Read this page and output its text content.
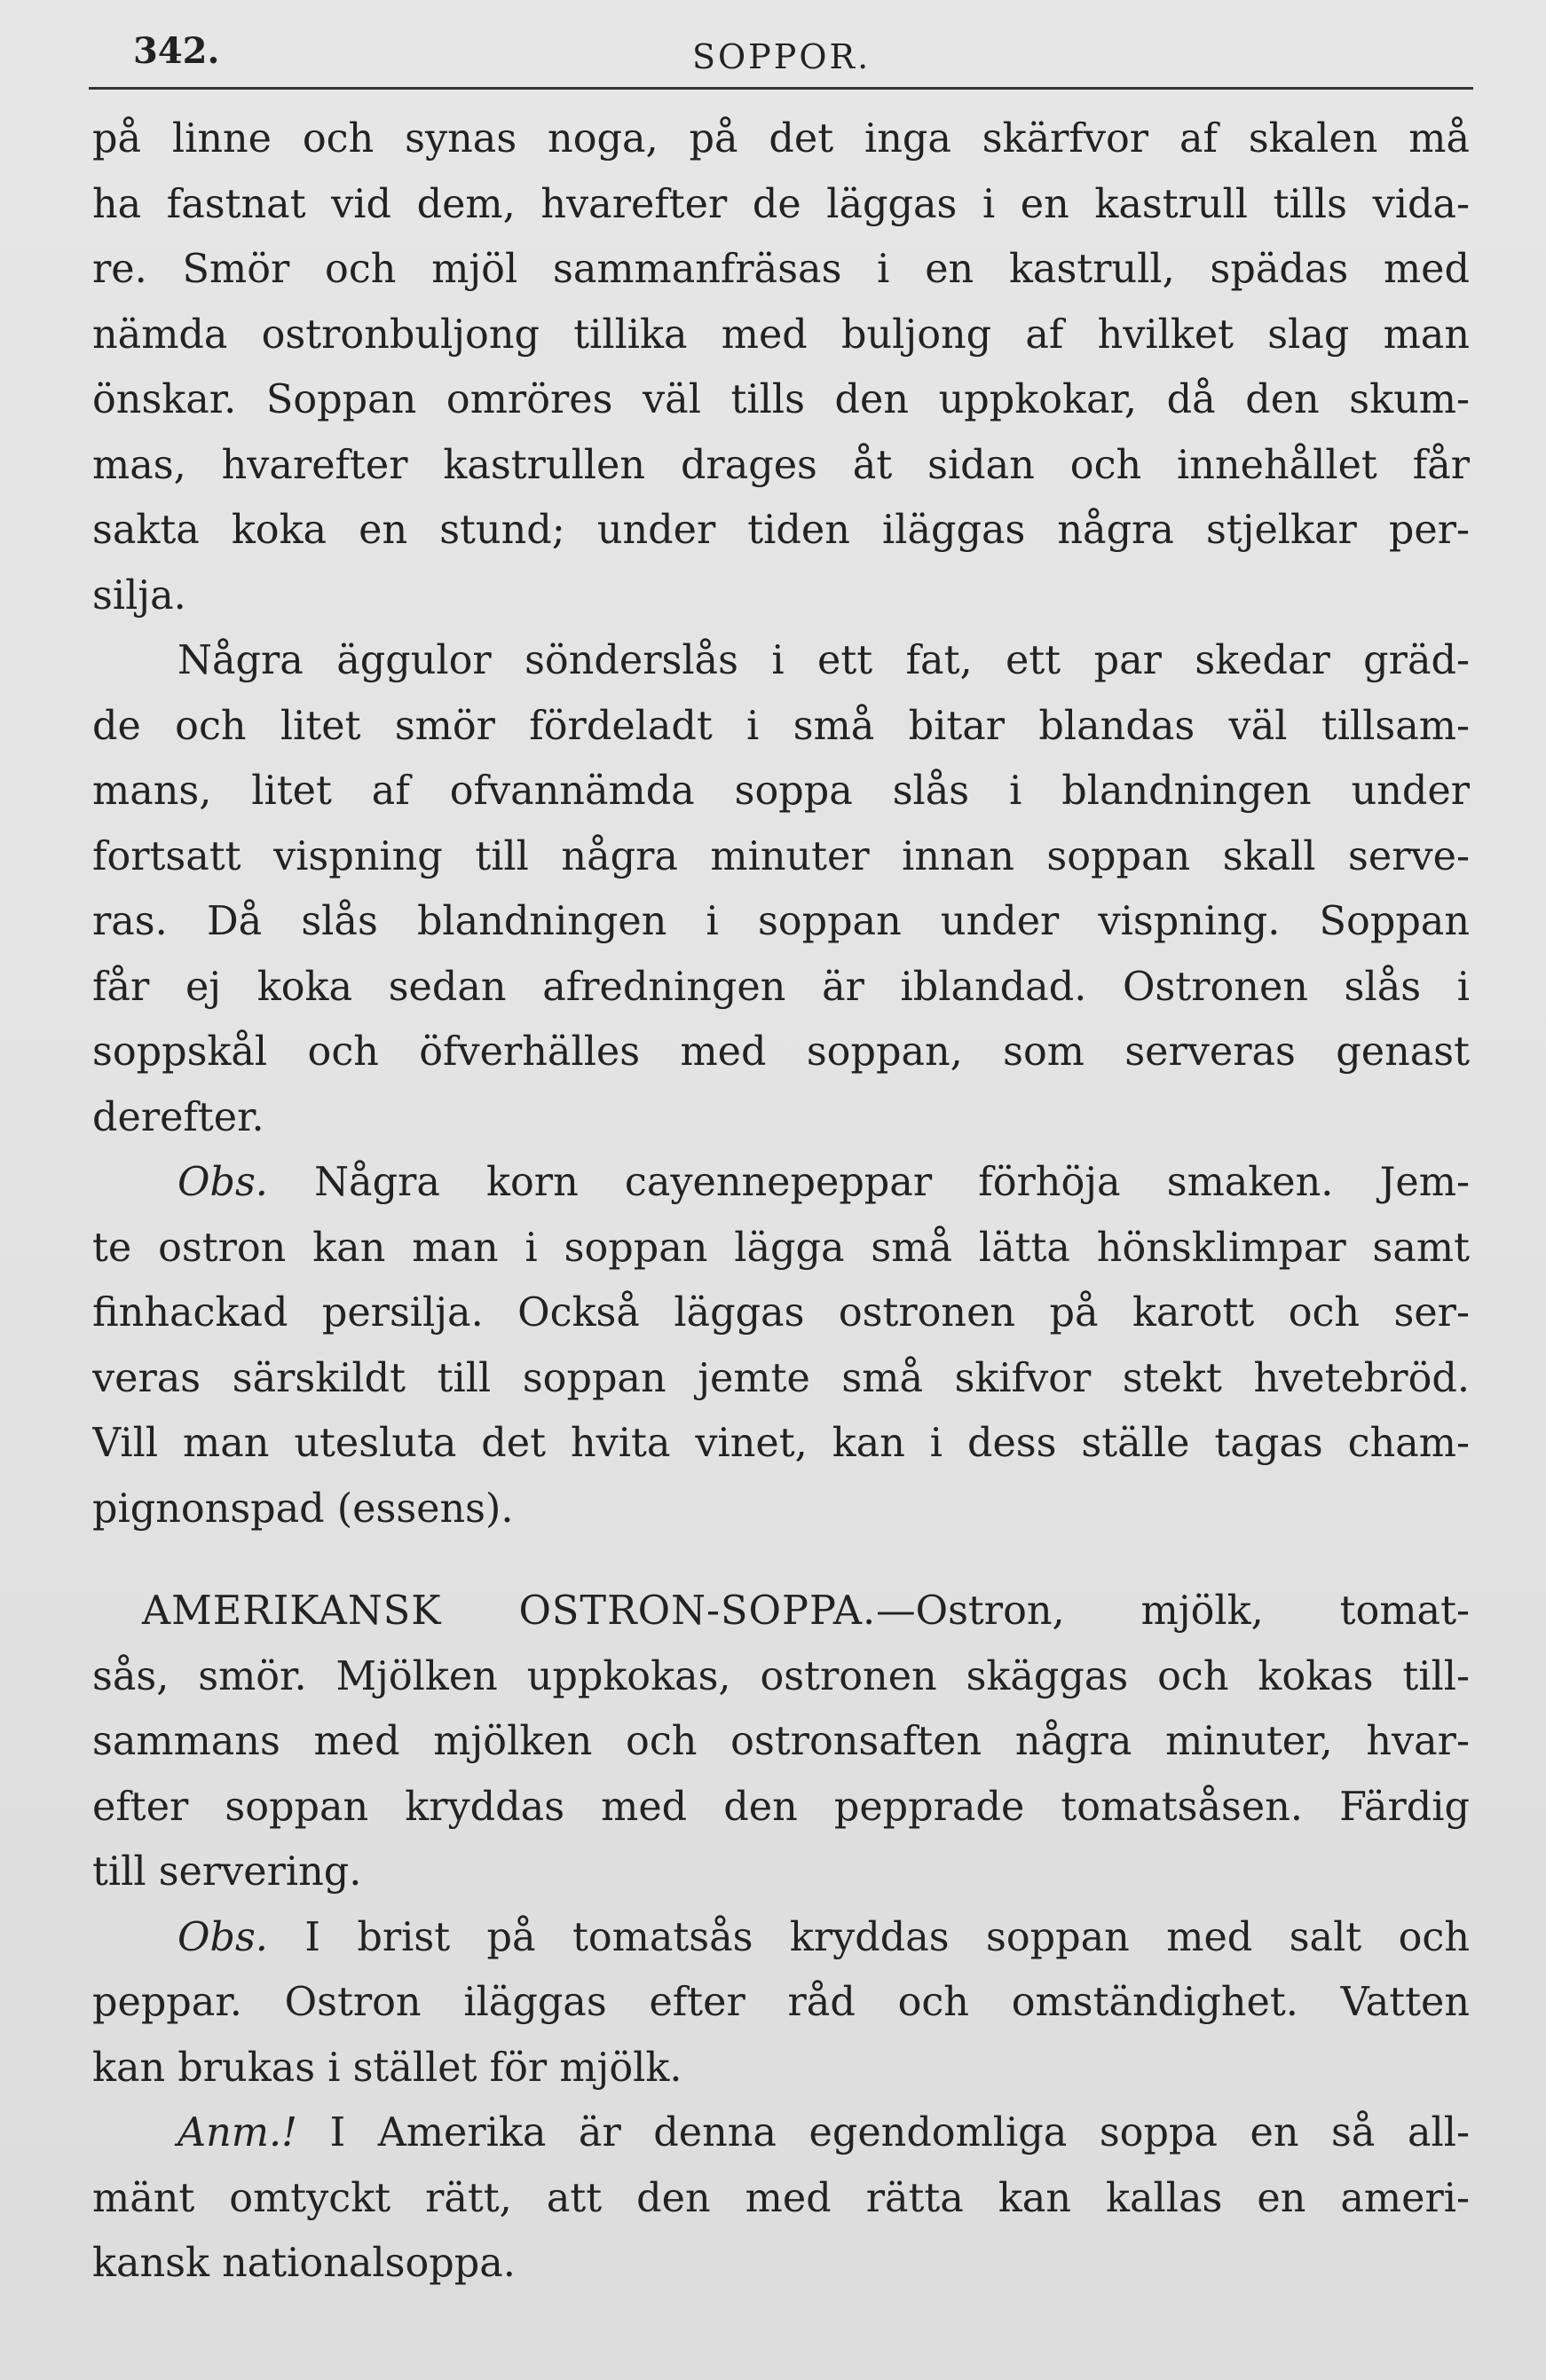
342.	SOPPOR.
på linne och synas noga, på det inga skärfvor af skalen må
ha fastnat vid dem, hvarefter de läggas i en kastrull tills vida-
re. Smör och mjöl sammanfräsas i en kastrull, spädas med
nämda ostronbuljong tillika med buljong af hvilket slag man
önskar. Soppan omröres väl tills den uppkokar, då den skum-
mas, hvarefter kastrullen drages åt sidan och innehållet får
sakta koka en stund; under tiden iläggas några stjelkar per-
silja.
Några äggulor sönderslås i ett fat, ett par skedar gräd-
de och litet smör fördeladt i små bitar blandas väl tillsam-
mans, litet af ofvannämda soppa slås i blandningen under
fortsatt vispning till några minuter innan soppan skall serve-
ras. Då slås blandningen i soppan under vispning. Soppan
får ej koka sedan afredningen är iblandad. Ostronen slås i
soppskål och öfverhälles med soppan, som serveras genast
derefter.
Obs. Några korn cayennepeppar förhöja smaken. Jem-
te ostron kan man i soppan lägga små lätta hönsklimpar samt
finhackad persilja. Också läggas ostronen på karott och ser-
veras särskildt till soppan jemte små skifvor stekt hvetebröd.
Vill man utesluta det hvita vinet, kan i dess ställe tagas cham-
pignonspad (essens).
AMERIKANSK OSTRON-SOPPA.—Ostron, mjölk, tomat-
sås, smör. Mjölken uppkokas, ostronen skäggas och kokas till-
sammans med mjölken och ostronsaften några minuter, hvar-
efter soppan kryddas med den pepprade tomatsåsen. Färdig
till servering.
Obs. I brist på tomatsås kryddas soppan med salt och
peppar. Ostron iläggas efter råd och omständighet. Vatten
kan brukas i stället för mjölk.
Anm.! I Amerika är denna egendomliga soppa en så all-
mänt omtyckt rätt, att den med rätta kan kallas en ameri-
kansk nationalsoppa.
